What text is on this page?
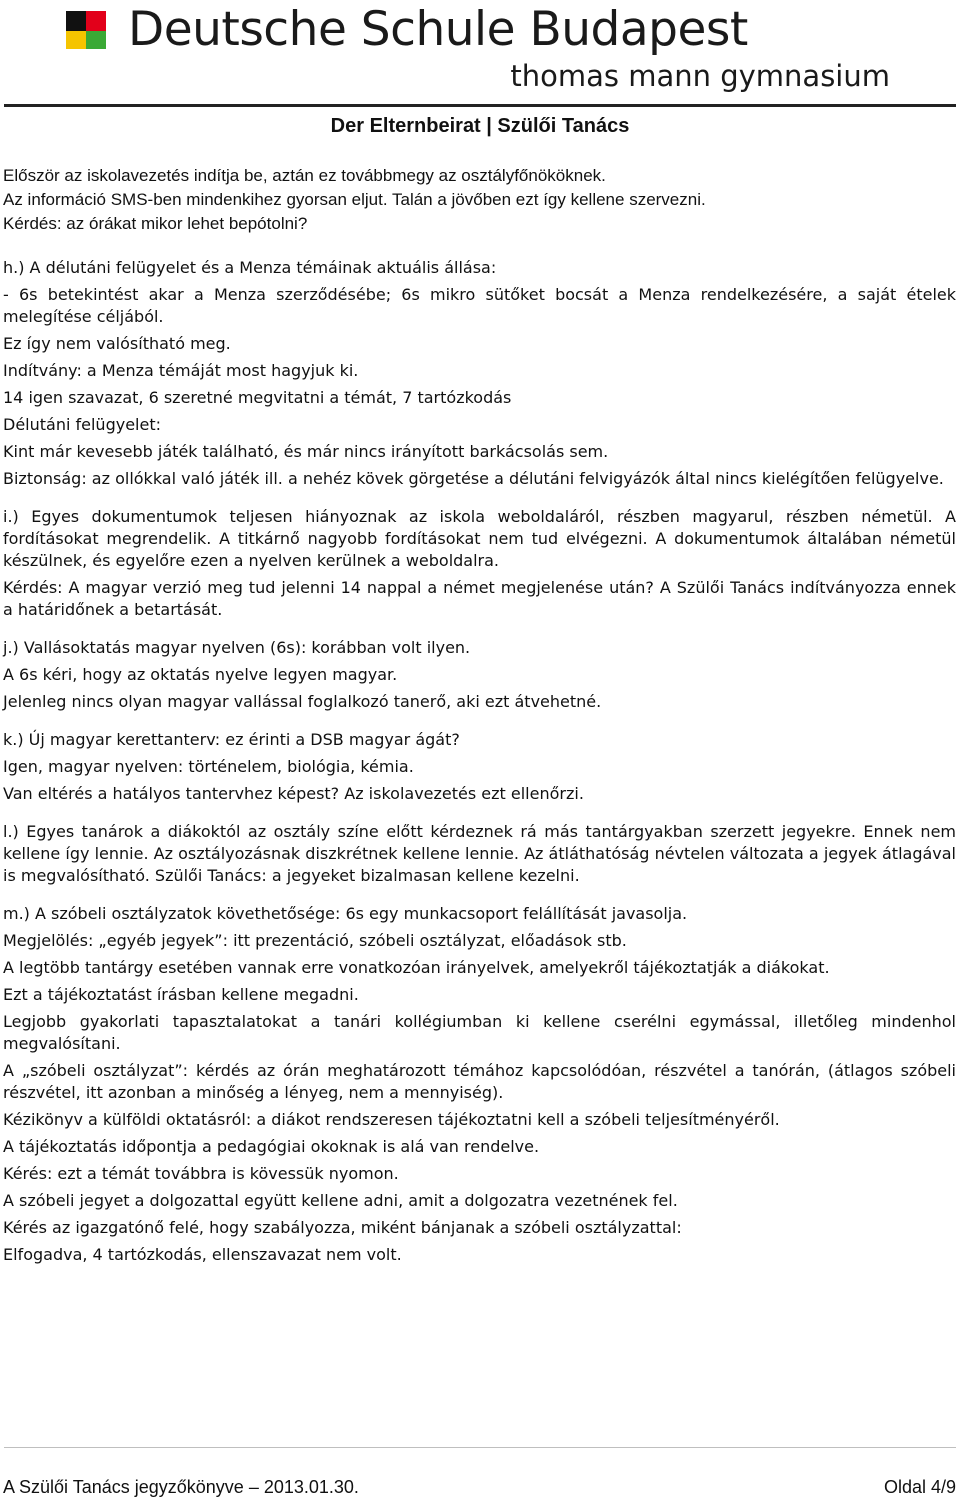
Deutsche Schule Budapest
thomas mann gymnasium
Der Elternbeirat | Szülői Tanács

Először az iskolavezetés indítja be, aztán ez továbbmegy az osztályfőnököknek.

Az információ SMS-ben mindenkihez gyorsan eljut. Talán a jövőben ezt így kellene szervezni.

Kérdés: az órákat mikor lehet bepótolni?

h.) A délutáni felügyelet és a Menza témáinak aktuális állása:

- 6s betekintést akar a Menza szerződésébe; 6s mikro sütőket bocsát a Menza rendelkezésére, a saját ételek melegítése céljából.

Ez így nem valósítható meg.

Indítvány: a Menza témáját most hagyjuk ki.

14 igen szavazat, 6 szeretné megvitatni a témát, 7 tartózkodás

Délutáni felügyelet:

Kint már kevesebb játék található, és már nincs irányított barkácsolás sem.

Biztonság: az ollókkal való játék ill. a nehéz kövek görgetése a délutáni felvigyázók által nincs kielégítően felügyelve.

i.) Egyes dokumentumok teljesen hiányoznak az iskola weboldaláról, részben magyarul, részben németül. A fordításokat megrendelik. A titkárnő nagyobb fordításokat nem tud elvégezni. A dokumentumok általában németül készülnek, és egyelőre ezen a nyelven kerülnek a weboldalra.

Kérdés: A magyar verzió meg tud jelenni 14 nappal a német megjelenése után? A Szülői Tanács indítványozza ennek a határidőnek a betartását.

j.) Vallásoktatás magyar nyelven (6s): korábban volt ilyen.

A 6s kéri, hogy az oktatás nyelve legyen magyar.

Jelenleg nincs olyan magyar vallással foglalkozó tanerő, aki ezt átvehetné.

k.) Új magyar kerettanterv: ez érinti a DSB magyar ágát?

Igen, magyar nyelven: történelem, biológia, kémia.

Van eltérés a hatályos tantervhez képest? Az iskolavezetés ezt ellenőrzi.

l.) Egyes tanárok a diákoktól az osztály színe előtt kérdeznek rá más tantárgyakban szerzett jegyekre. Ennek nem kellene így lennie. Az osztályozásnak diszkrétnek kellene lennie. Az átláthatóság névtelen változata a jegyek átlagával is megvalósítható. Szülői Tanács: a jegyeket bizalmasan kellene kezelni.

m.) A szóbeli osztályzatok követhetősége: 6s egy munkacsoport felállítását javasolja.

Megjelölés: „egyéb jegyek”: itt prezentáció, szóbeli osztályzat, előadások stb.

A legtöbb tantárgy esetében vannak erre vonatkozóan irányelvek, amelyekről tájékoztatják a diákokat.

Ezt a tájékoztatást írásban kellene megadni.

Legjobb gyakorlati tapasztalatokat a tanári kollégiumban ki kellene cserélni egymással, illetőleg mindenhol megvalósítani.

A „szóbeli osztályzat”: kérdés az órán meghatározott témához kapcsolódóan, részvétel a tanórán, (átlagos szóbeli részvétel, itt azonban a minőség a lényeg, nem a mennyiség).

Kézikönyv a külföldi oktatásról: a diákot rendszeresen tájékoztatni kell a szóbeli teljesítményéről.

A tájékoztatás időpontja a pedagógiai okoknak is alá van rendelve.

Kérés: ezt a témát továbbra is kövessük nyomon.

A szóbeli jegyet a dolgozattal együtt kellene adni, amit a dolgozatra vezetnének fel.

Kérés az igazgatónő felé, hogy szabályozza, miként bánjanak a szóbeli osztályzattal:

Elfogadva, 4 tartózkodás, ellenszavazat nem volt.

A Szülői Tanács jegyzőkönyve – 2013.01.30.	Oldal 4/9
